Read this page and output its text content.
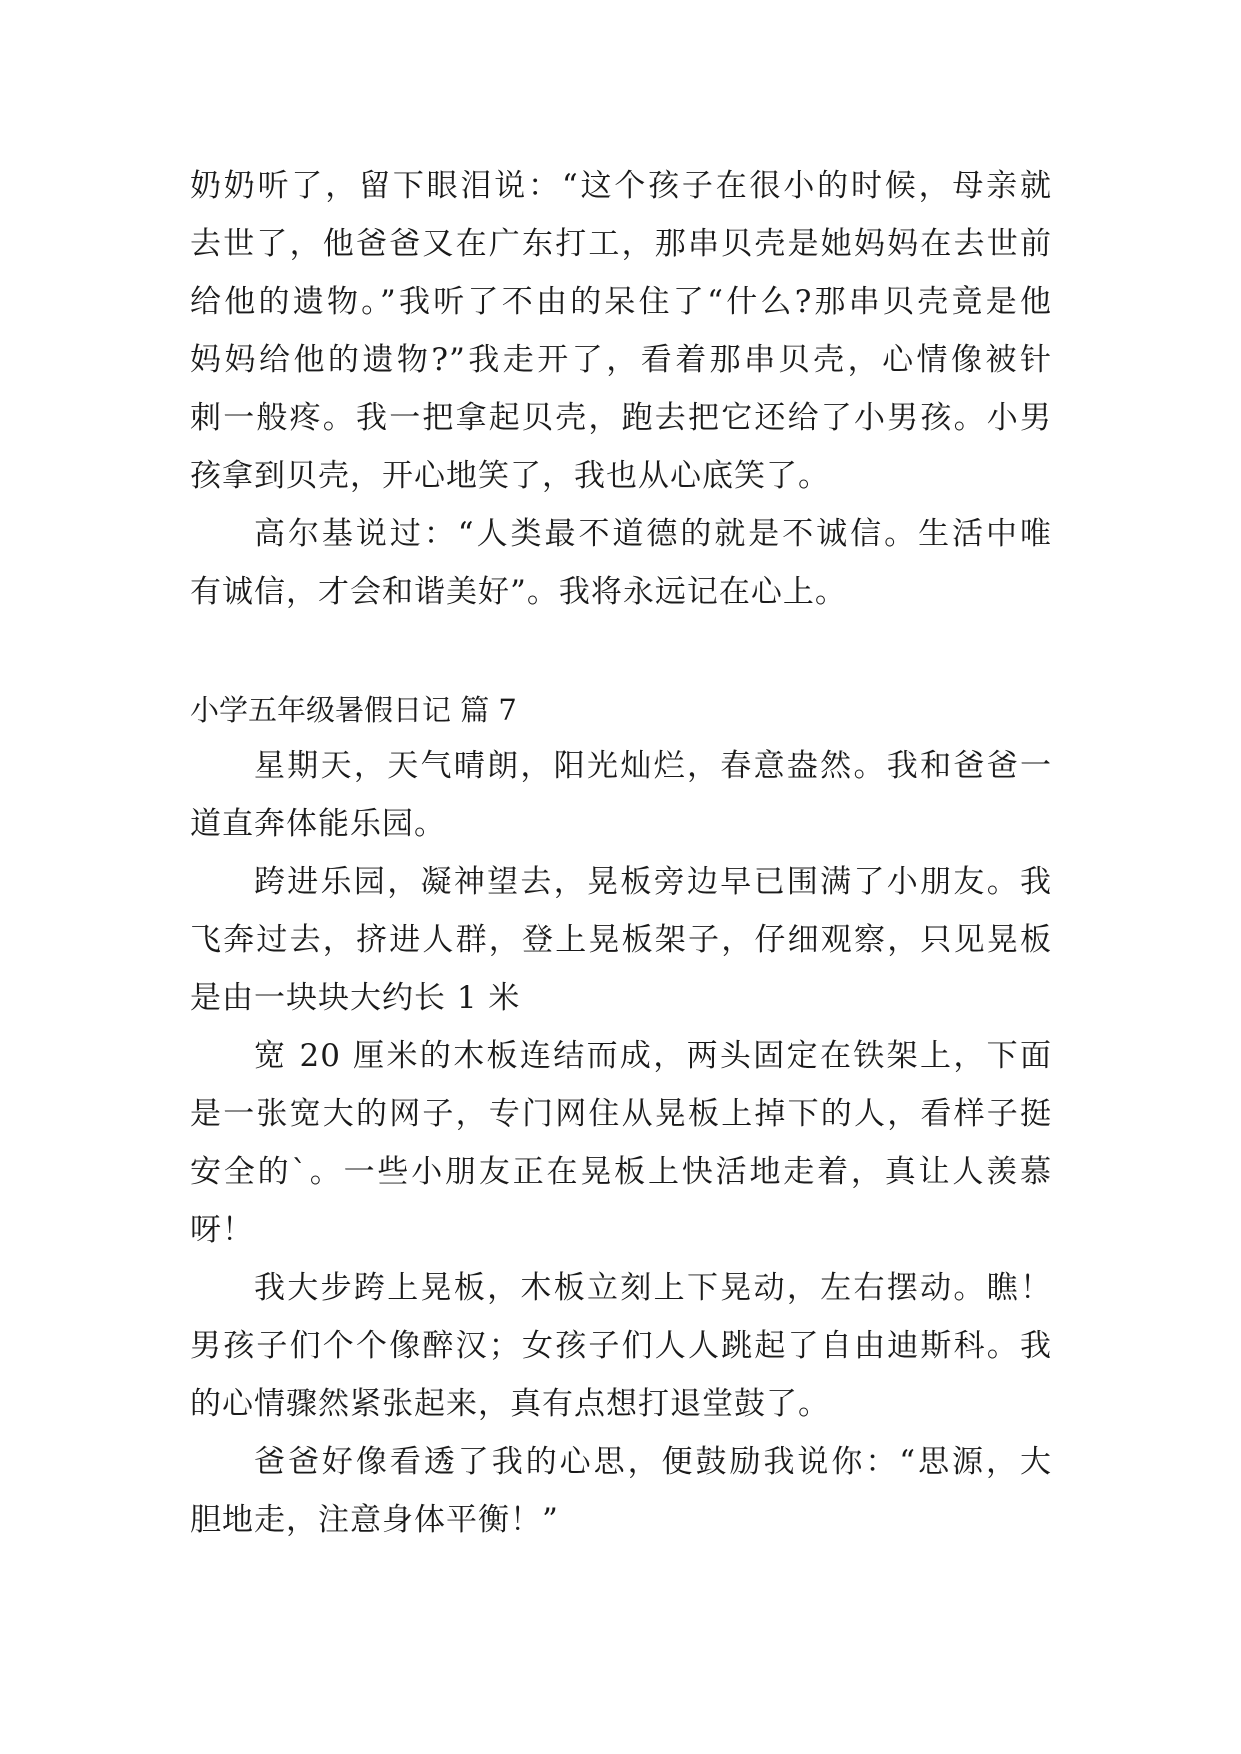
奶奶听了，留下眼泪说：“这个孩子在很小的时候，母亲就
去世了，他爸爸又在广东打工，那串贝壳是她妈妈在去世前
给他的遗物。”我听了不由的呆住了“什么?那串贝壳竟是他
妈妈给他的遗物?”我走开了，看着那串贝壳，心情像被针
刺一般疼。我一把拿起贝壳，跑去把它还给了小男孩。小男
孩拿到贝壳，开心地笑了，我也从心底笑了。
高尔基说过：“人类最不道德的就是不诚信。生活中唯
有诚信，才会和谐美好”。我将永远记在心上。
小学五年级暑假日记 篇 7
星期天，天气晴朗，阳光灿烂，春意盎然。我和爸爸一
道直奔体能乐园。
跨进乐园，凝神望去，晃板旁边早已围满了小朋友。我
飞奔过去，挤进人群，登上晃板架子，仔细观察，只见晃板
是由一块块大约长 1 米
宽 20 厘米的木板连结而成，两头固定在铁架上，下面
是一张宽大的网子，专门网住从晃板上掉下的人，看样子挺
安全的`。一些小朋友正在晃板上快活地走着，真让人羡慕
呀！
我大步跨上晃板，木板立刻上下晃动，左右摆动。瞧！
男孩子们个个像醉汉；女孩子们人人跳起了自由迪斯科。我
的心情骤然紧张起来，真有点想打退堂鼓了。
爸爸好像看透了我的心思，便鼓励我说你：“思源，大
胆地走，注意身体平衡！”
